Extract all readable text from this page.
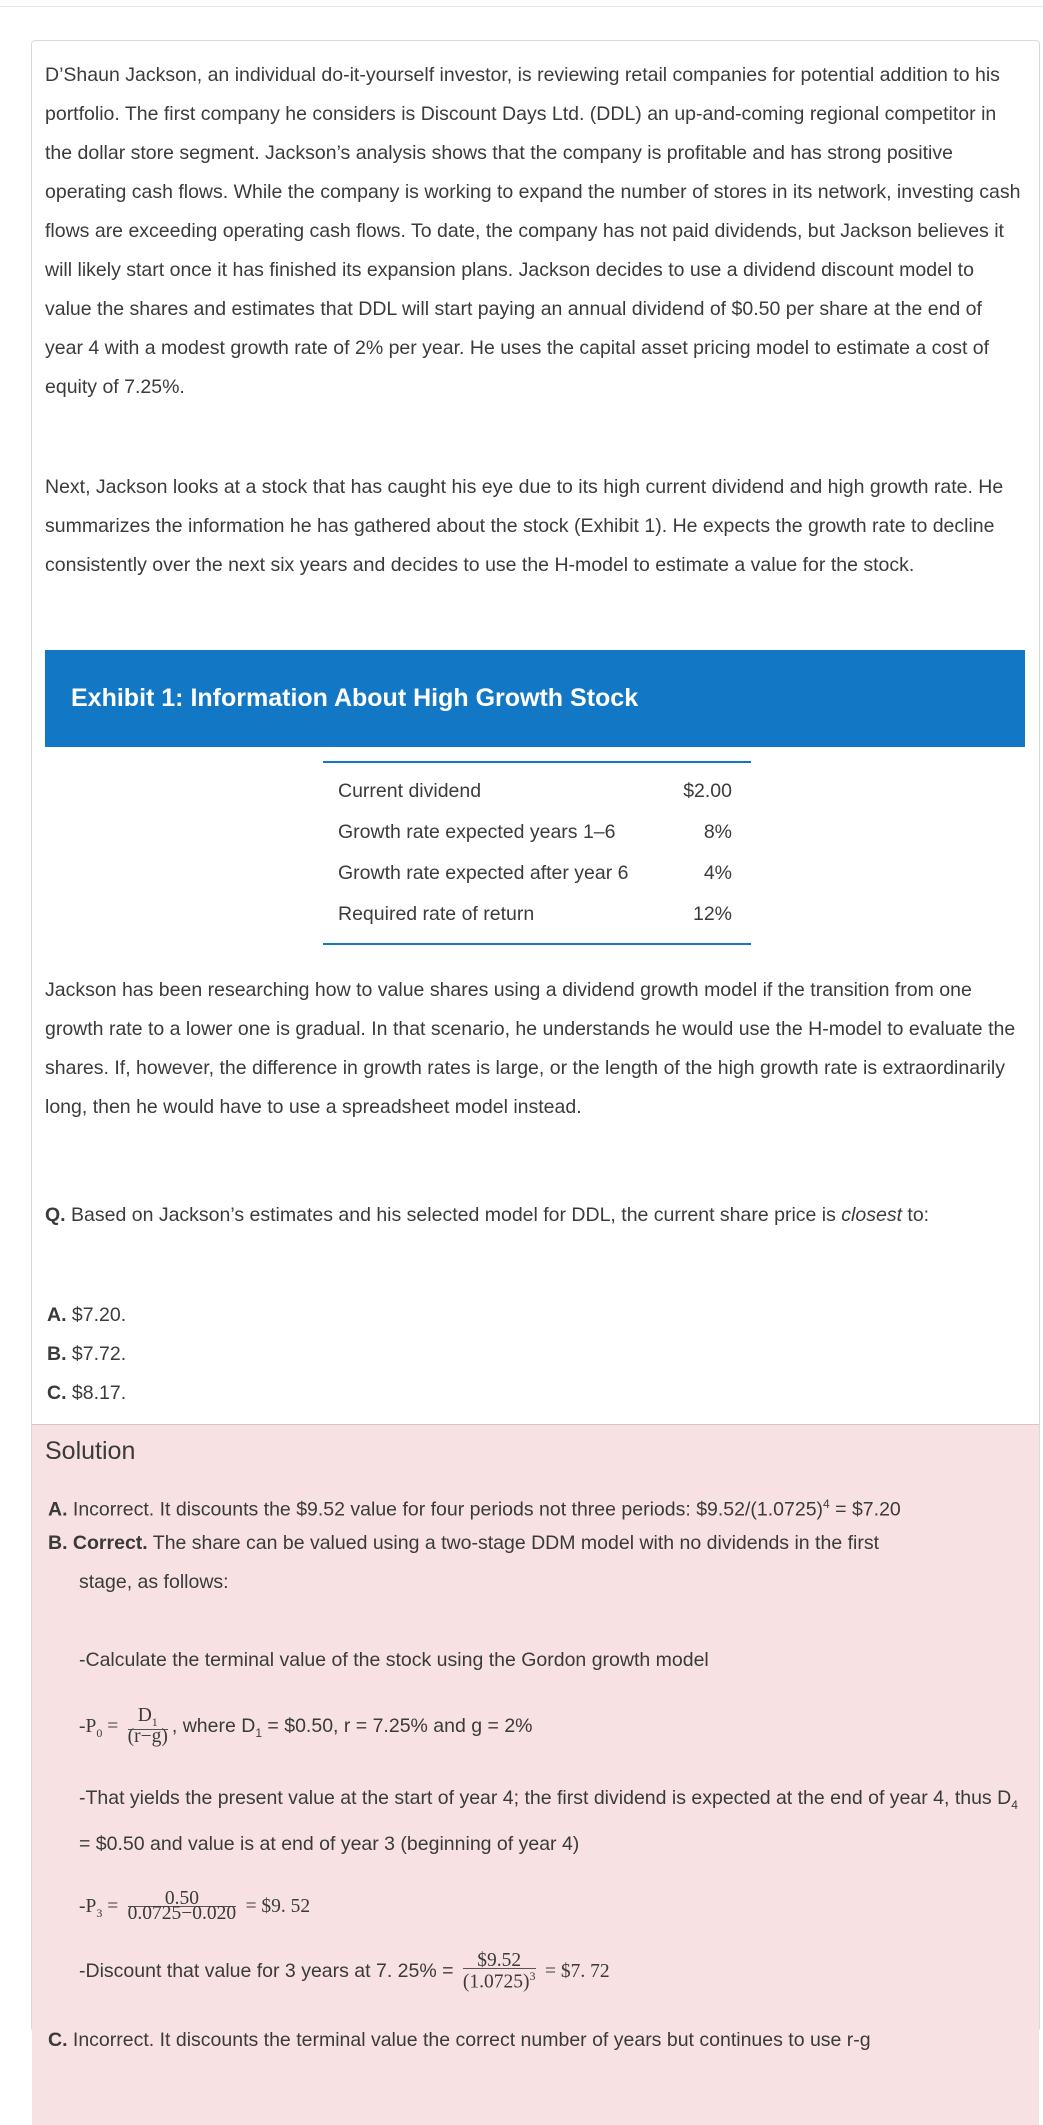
D’Shaun Jackson, an individual do-it-yourself investor, is reviewing retail companies for potential addition to his portfolio. The first company he considers is Discount Days Ltd. (DDL) an up-and-coming regional competitor in the dollar store segment. Jackson’s analysis shows that the company is profitable and has strong positive operating cash flows. While the company is working to expand the number of stores in its network, investing cash flows are exceeding operating cash flows. To date, the company has not paid dividends, but Jackson believes it will likely start once it has finished its expansion plans. Jackson decides to use a dividend discount model to value the shares and estimates that DDL will start paying an annual dividend of $0.50 per share at the end of year 4 with a modest growth rate of 2% per year. He uses the capital asset pricing model to estimate a cost of equity of 7.25%.
Next, Jackson looks at a stock that has caught his eye due to its high current dividend and high growth rate. He summarizes the information he has gathered about the stock (Exhibit 1). He expects the growth rate to decline consistently over the next six years and decides to use the H-model to estimate a value for the stock.
Exhibit 1: Information About High Growth Stock
Current dividend	$2.00
Growth rate expected years 1–6	8%
Growth rate expected after year 6	4%
Required rate of return	12%
Jackson has been researching how to value shares using a dividend growth model if the transition from one growth rate to a lower one is gradual. In that scenario, he understands he would use the H-model to evaluate the shares. If, however, the difference in growth rates is large, or the length of the high growth rate is extraordinarily long, then he would have to use a spreadsheet model instead.
Q. Based on Jackson’s estimates and his selected model for DDL, the current share price is closest to:
A. $7.20.
B. $7.72.
C. $8.17.
Solution
A. Incorrect. It discounts the $9.52 value for four periods not three periods: $\$9.52/(1.0725)^4$ = $7.20
B. Correct. The share can be valued using a two-stage DDM model with no dividends in the first
stage, as follows:
-Calculate the terminal value of the stock using the Gordon growth model
$-P_0 = \frac{D_1}{(r-g)}$ , where $D_1$ = $0.50, r = 7.25% and g = 2%
-That yields the present value at the start of year 4; the first dividend is expected at the end of year 4, thus $D_4$ = $0.50 and value is at end of year 3 (beginning of year 4)
$-P_3 = \frac{0.50}{0.0725-0.020}$ = $9. 52
-Discount that value for 3 years at 7. $25\% = \frac{\$9.52}{(1.0725)^3}$ = $7. 72
C. Incorrect. It discounts the terminal value the correct number of years but continues to use r-g
